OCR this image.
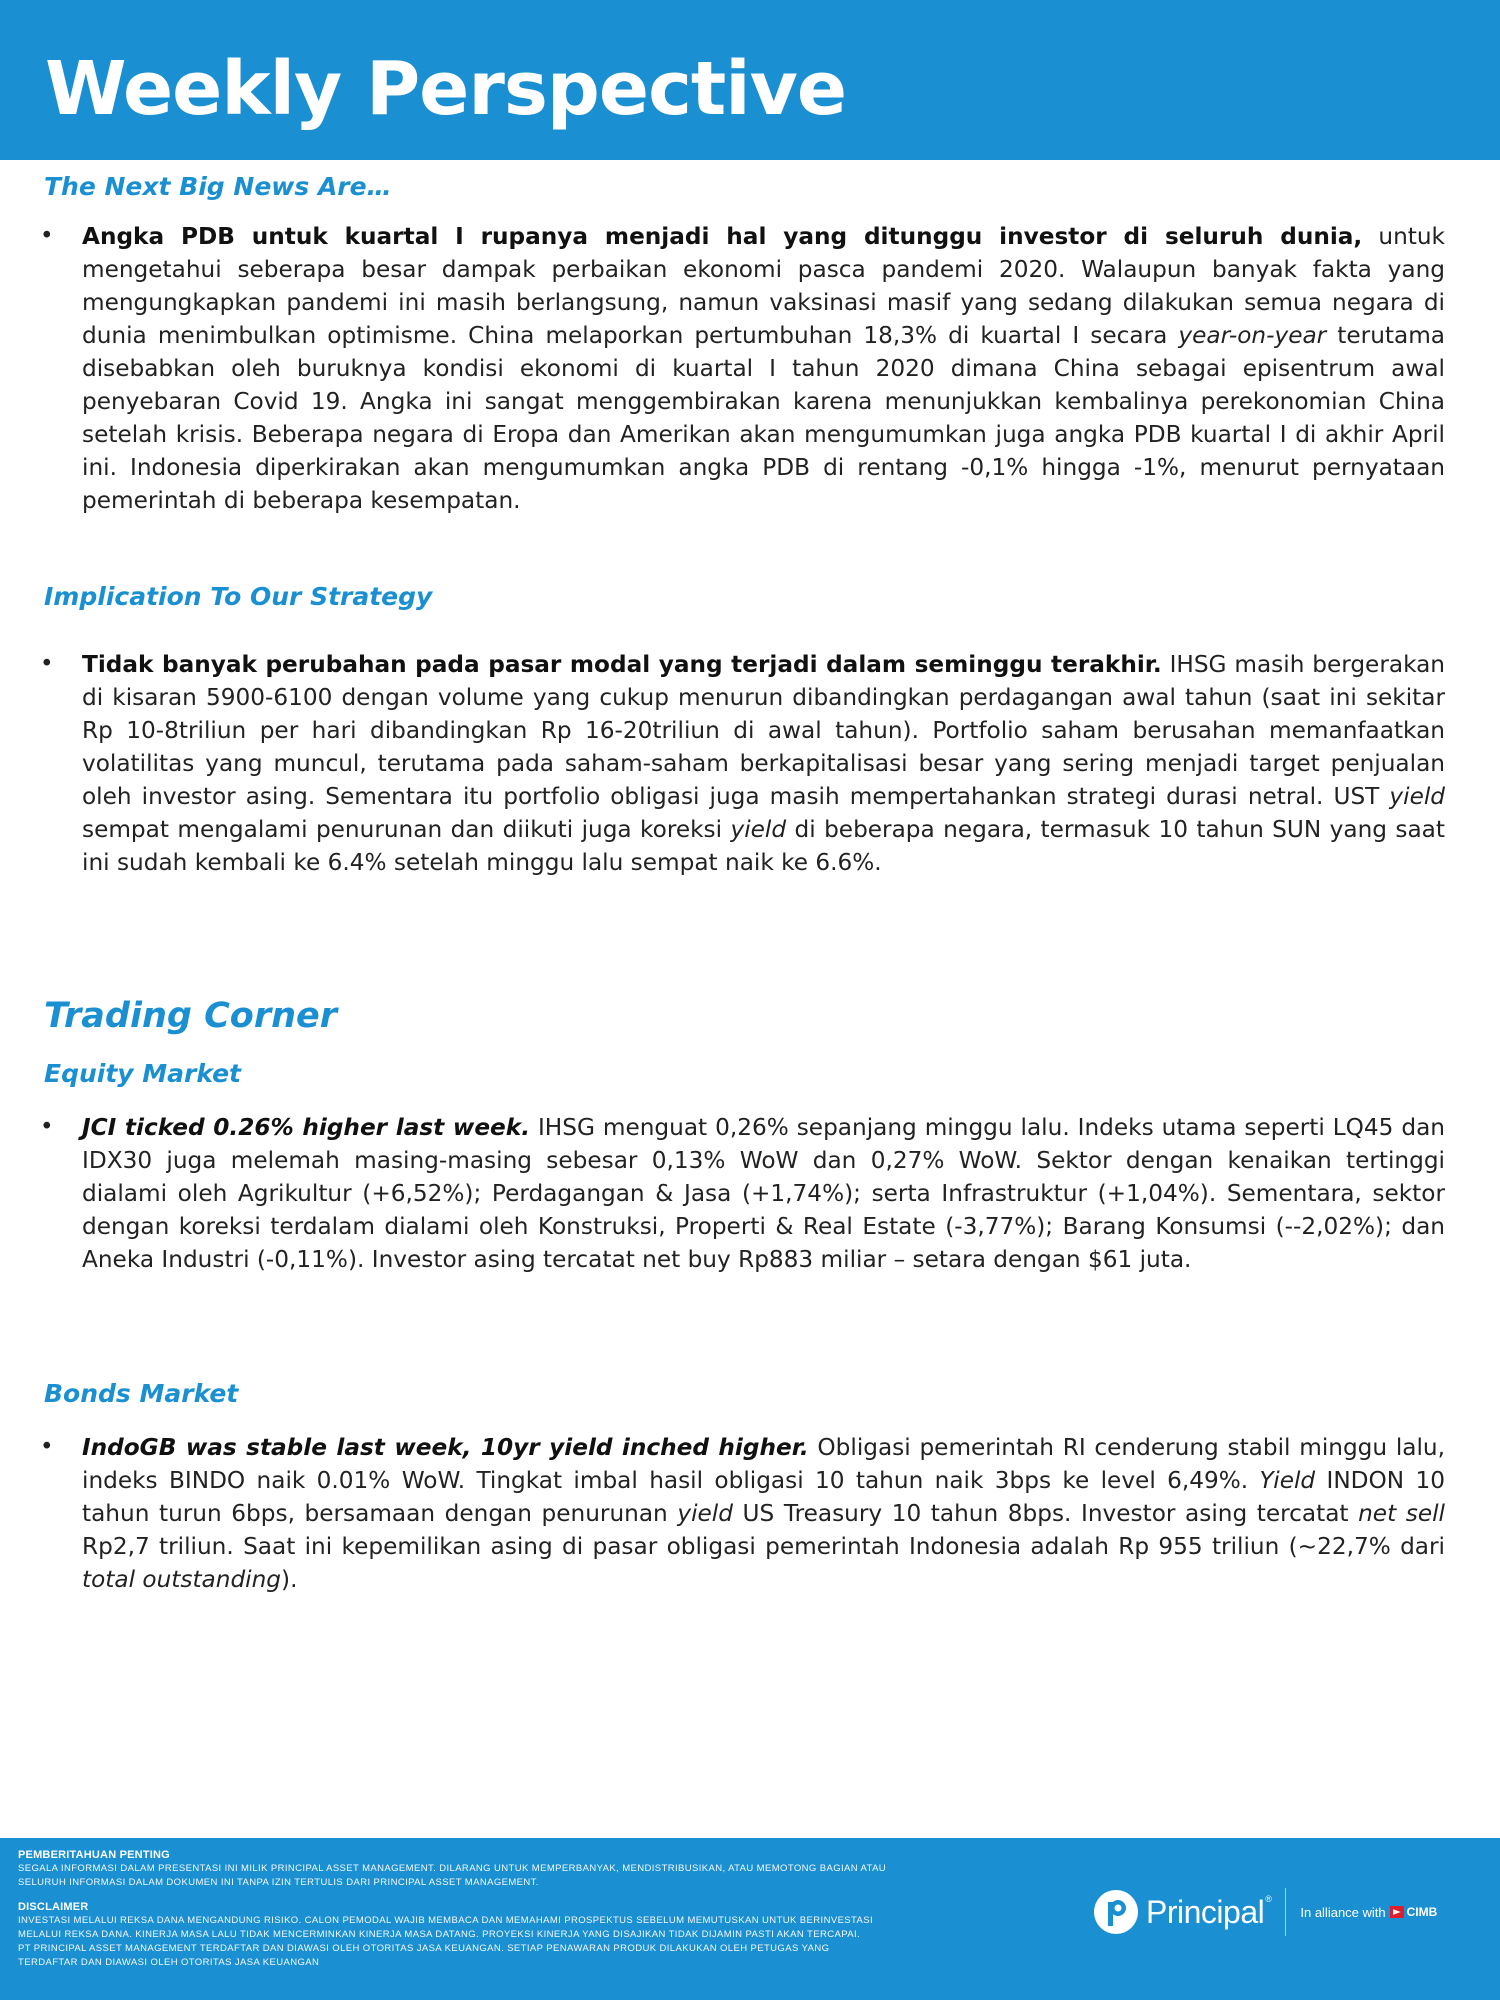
Weekly Perspective
The Next Big News Are…
• Angka PDB untuk kuartal I rupanya menjadi hal yang ditunggu investor di seluruh dunia, untuk mengetahui seberapa besar dampak perbaikan ekonomi pasca pandemi 2020. Walaupun banyak fakta yang mengungkapkan pandemi ini masih berlangsung, namun vaksinasi masif yang sedang dilakukan semua negara di dunia menimbulkan optimisme. China melaporkan pertumbuhan 18,3% di kuartal I secara year-on-year terutama disebabkan oleh buruknya kondisi ekonomi di kuartal I tahun 2020 dimana China sebagai episentrum awal penyebaran Covid 19. Angka ini sangat menggembirakan karena menunjukkan kembalinya perekonomian China setelah krisis. Beberapa negara di Eropa dan Amerikan akan mengumumkan juga angka PDB kuartal I di akhir April ini. Indonesia diperkirakan akan mengumumkan angka PDB di rentang -0,1% hingga -1%, menurut pernyataan pemerintah di beberapa kesempatan.

Implication To Our Strategy
• Tidak banyak perubahan pada pasar modal yang terjadi dalam seminggu terakhir. IHSG masih bergerakan di kisaran 5900-6100 dengan volume yang cukup menurun dibandingkan perdagangan awal tahun (saat ini sekitar Rp 10-8triliun per hari dibandingkan Rp 16-20triliun di awal tahun). Portfolio saham berusahan memanfaatkan volatilitas yang muncul, terutama pada saham-saham berkapitalisasi besar yang sering menjadi target penjualan oleh investor asing. Sementara itu portfolio obligasi juga masih mempertahankan strategi durasi netral. UST yield sempat mengalami penurunan dan diikuti juga koreksi yield di beberapa negara, termasuk 10 tahun SUN yang saat ini sudah kembali ke 6.4% setelah minggu lalu sempat naik ke 6.6%.

Trading Corner
Equity Market
• JCI ticked 0.26% higher last week. IHSG menguat 0,26% sepanjang minggu lalu. Indeks utama seperti LQ45 dan IDX30 juga melemah masing-masing sebesar 0,13% WoW dan 0,27% WoW. Sektor dengan kenaikan tertinggi dialami oleh Agrikultur (+6,52%); Perdagangan & Jasa (+1,74%); serta Infrastruktur (+1,04%). Sementara, sektor dengan koreksi terdalam dialami oleh Konstruksi, Properti & Real Estate (-3,77%); Barang Konsumsi (--2,02%); dan Aneka Industri (-0,11%). Investor asing tercatat net buy Rp883 miliar – setara dengan $61 juta.

Bonds Market
• IndoGB was stable last week, 10yr yield inched higher. Obligasi pemerintah RI cenderung stabil minggu lalu, indeks BINDO naik 0.01% WoW. Tingkat imbal hasil obligasi 10 tahun naik 3bps ke level 6,49%. Yield INDON 10 tahun turun 6bps, bersamaan dengan penurunan yield US Treasury 10 tahun 8bps. Investor asing tercatat net sell Rp2,7 triliun. Saat ini kepemilikan asing di pasar obligasi pemerintah Indonesia adalah Rp 955 triliun (~22,7% dari total outstanding).

PEMBERITAHUAN PENTING
SEGALA INFORMASI DALAM PRESENTASI INI MILIK PRINCIPAL ASSET MANAGEMENT. DILARANG UNTUK MEMPERBANYAK, MENDISTRIBUSIKAN, ATAU MEMOTONG BAGIAN ATAU
SELURUH INFORMASI DALAM DOKUMEN INI TANPA IZIN TERTULIS DARI PRINCIPAL ASSET MANAGEMENT.
DISCLAIMER
INVESTASI MELALUI REKSA DANA MENGANDUNG RISIKO. CALON PEMODAL WAJIB MEMBACA DAN MEMAHAMI PROSPEKTUS SEBELUM MEMUTUSKAN UNTUK BERINVESTASI
MELALUI REKSA DANA. KINERJA MASA LALU TIDAK MENCERMINKAN KINERJA MASA DATANG. PROYEKSI KINERJA YANG DISAJIKAN TIDAK DIJAMIN PASTI AKAN TERCAPAI.
PT PRINCIPAL ASSET MANAGEMENT TERDAFTAR DAN DIAWASI OLEH OTORITAS JASA KEUANGAN. SETIAP PENAWARAN PRODUK DILAKUKAN OLEH PETUGAS YANG
TERDAFTAR DAN DIAWASI OLEH OTORITAS JASA KEUANGAN
Principal®
In alliance with CIMB
